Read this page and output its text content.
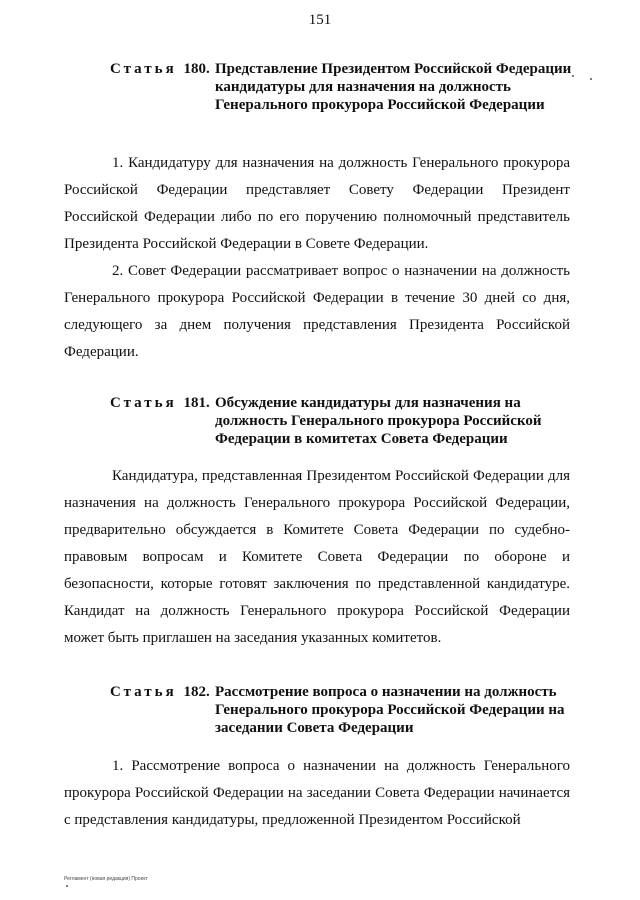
151
Статья 180. Представление Президентом Российской Федерации кандидатуры для назначения на должность Генерального прокурора Российской Федерации
1. Кандидатуру для назначения на должность Генерального прокурора Российской Федерации представляет Совету Федерации Президент Российской Федерации либо по его поручению полномочный представитель Президента Российской Федерации в Совете Федерации.
2. Совет Федерации рассматривает вопрос о назначении на должность Генерального прокурора Российской Федерации в течение 30 дней со дня, следующего за днем получения представления Президента Российской Федерации.
Статья 181. Обсуждение кандидатуры для назначения на должность Генерального прокурора Российской Федерации в комитетах Совета Федерации
Кандидатура, представленная Президентом Российской Федерации для назначения на должность Генерального прокурора Российской Федерации, предварительно обсуждается в Комитете Совета Федерации по судебно-правовым вопросам и Комитете Совета Федерации по обороне и безопасности, которые готовят заключения по представленной кандидатуре. Кандидат на должность Генерального прокурора Российской Федерации может быть приглашен на заседания указанных комитетов.
Статья 182. Рассмотрение вопроса о назначении на должность Генерального прокурора Российской Федерации на заседании Совета Федерации
1. Рассмотрение вопроса о назначении на должность Генерального прокурора Российской Федерации на заседании Совета Федерации начинается с представления кандидатуры, предложенной Президентом Российской
Регламент (новая редакция) Проект
